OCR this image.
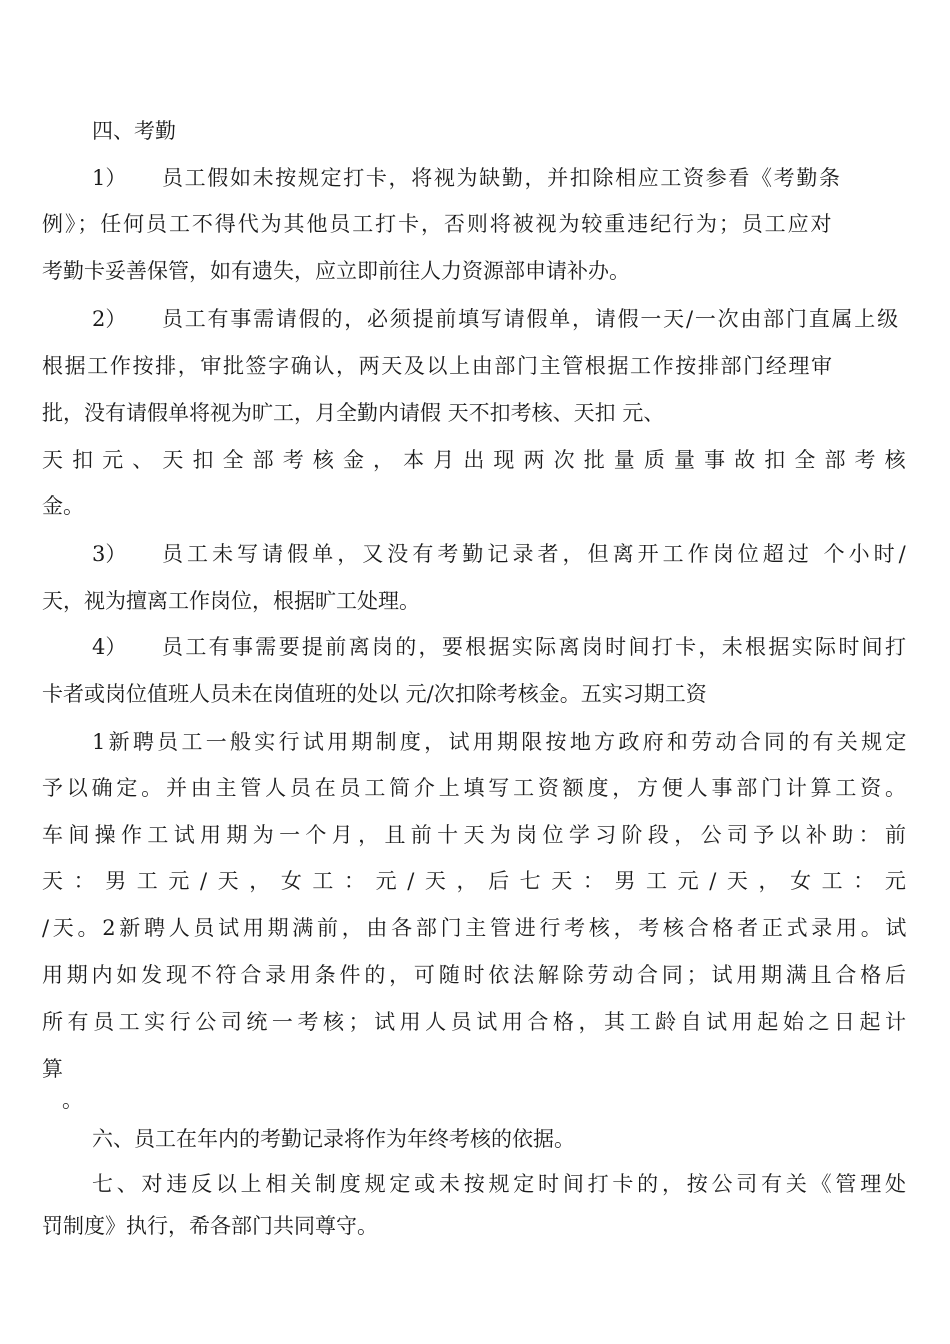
四、考勤
1） 员工假如未按规定打卡，将视为缺勤，并扣除相应工资参看《考勤条
例》；任何员工不得代为其他员工打卡，否则将被视为较重违纪行为；员工应对
考勤卡妥善保管，如有遗失，应立即前往人力资源部申请补办。
2） 员工有事需请假的，必须提前填写请假单，请假一天/一次由部门直属上级
根据工作按排，审批签字确认，两天及以上由部门主管根据工作按排部门经理审
批，没有请假单将视为旷工，月全勤内请假 天不扣考核、天扣 元、
天 扣 元 、 天 扣 全 部 考 核 金 ， 本 月 出 现 两 次 批 量 质 量 事 故 扣 全 部 考 核
金。
3） 员工未写请假单，又没有考勤记录者，但离开工作岗位超过 个小时/
天，视为擅离工作岗位，根据旷工处理。
4） 员工有事需要提前离岗的，要根据实际离岗时间打卡，未根据实际时间打
卡者或岗位值班人员未在岗值班的处以 元/次扣除考核金。五实习期工资
1新聘员工一般实行试用期制度，试用期限按地方政府和劳动合同的有关规定
予以确定。并由主管人员在员工简介上填写工资额度，方便人事部门计算工资。
车间操作工试用期为一个月，且前十天为岗位学习阶段，公司予以补助：前
天 ： 男 工 元 / 天 ， 女 工 ： 元 / 天 ， 后 七 天 ： 男 工 元 / 天 ， 女 工 ： 元
/天。2新聘人员试用期满前，由各部门主管进行考核，考核合格者正式录用。试
用期内如发现不符合录用条件的，可随时依法解除劳动合同；试用期满且合格后
所有员工实行公司统一考核；试用人员试用合格，其工龄自试用起始之日起计
算
。
六、员工在年内的考勤记录将作为年终考核的依据。
七、对违反以上相关制度规定或未按规定时间打卡的，按公司有关《管理处
罚制度》执行，希各部门共同尊守。
